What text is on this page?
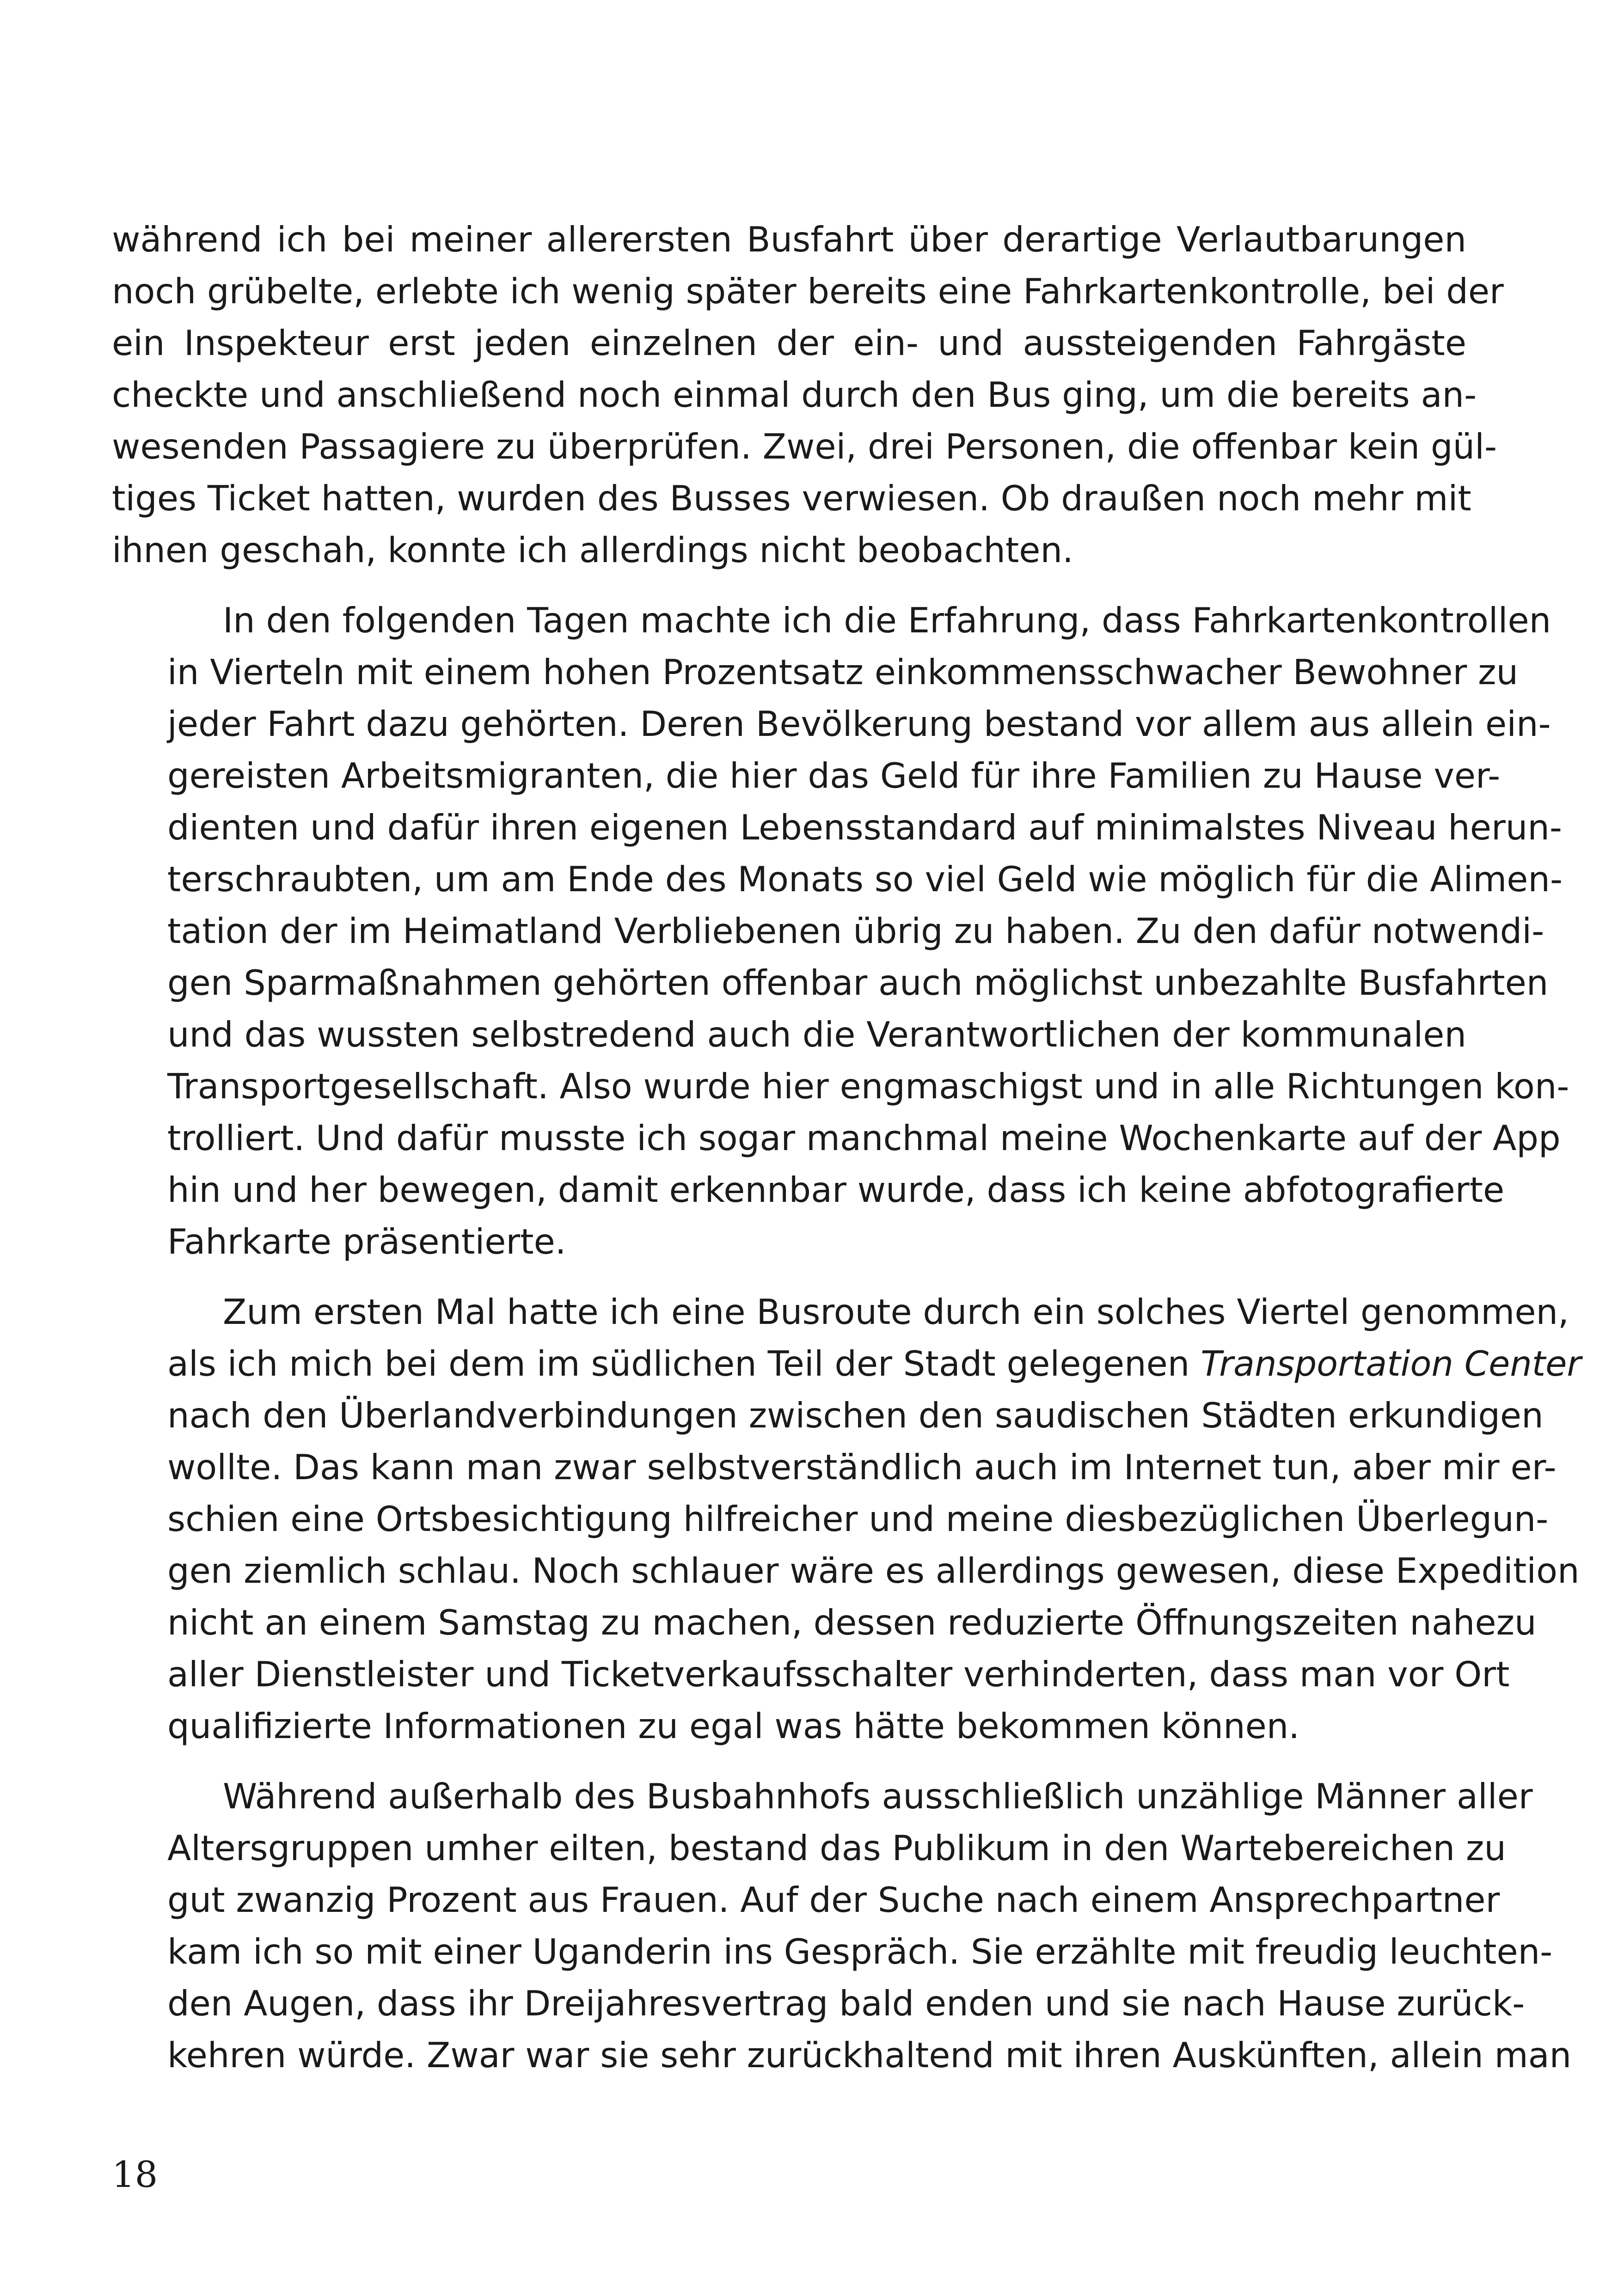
während ich bei meiner allerersten Busfahrt über derartige Verlautbarungen
noch grübelte, erlebte ich wenig später bereits eine Fahrkartenkontrolle, bei der
ein Inspekteur erst jeden einzelnen der ein- und aussteigenden Fahrgäste
checkte und anschließend noch einmal durch den Bus ging, um die bereits an-
wesenden Passagiere zu überprüfen. Zwei, drei Personen, die offenbar kein gül-
tiges Ticket hatten, wurden des Busses verwiesen. Ob draußen noch mehr mit
ihnen geschah, konnte ich allerdings nicht beobachten.

In den folgenden Tagen machte ich die Erfahrung, dass Fahrkartenkontrollen
in Vierteln mit einem hohen Prozentsatz einkommensschwacher Bewohner zu
jeder Fahrt dazu gehörten. Deren Bevölkerung bestand vor allem aus allein ein-
gereisten Arbeitsmigranten, die hier das Geld für ihre Familien zu Hause ver-
dienten und dafür ihren eigenen Lebensstandard auf minimalstes Niveau herun-
terschraubten, um am Ende des Monats so viel Geld wie möglich für die Alimen-
tation der im Heimatland Verbliebenen übrig zu haben. Zu den dafür notwendi-
gen Sparmaßnahmen gehörten offenbar auch möglichst unbezahlte Busfahrten
und das wussten selbstredend auch die Verantwortlichen der kommunalen
Transportgesellschaft. Also wurde hier engmaschigst und in alle Richtungen kon-
trolliert. Und dafür musste ich sogar manchmal meine Wochenkarte auf der App
hin und her bewegen, damit erkennbar wurde, dass ich keine abfotografierte
Fahrkarte präsentierte.

Zum ersten Mal hatte ich eine Busroute durch ein solches Viertel genommen,
als ich mich bei dem im südlichen Teil der Stadt gelegenen Transportation Center
nach den Überlandverbindungen zwischen den saudischen Städten erkundigen
wollte. Das kann man zwar selbstverständlich auch im Internet tun, aber mir er-
schien eine Ortsbesichtigung hilfreicher und meine diesbezüglichen Überlegun-
gen ziemlich schlau. Noch schlauer wäre es allerdings gewesen, diese Expedition
nicht an einem Samstag zu machen, dessen reduzierte Öffnungszeiten nahezu
aller Dienstleister und Ticketverkaufsschalter verhinderten, dass man vor Ort
qualifizierte Informationen zu egal was hätte bekommen können.

Während außerhalb des Busbahnhofs ausschließlich unzählige Männer aller
Altersgruppen umher eilten, bestand das Publikum in den Wartebereichen zu
gut zwanzig Prozent aus Frauen. Auf der Suche nach einem Ansprechpartner
kam ich so mit einer Uganderin ins Gespräch. Sie erzählte mit freudig leuchten-
den Augen, dass ihr Dreijahresvertrag bald enden und sie nach Hause zurück-
kehren würde. Zwar war sie sehr zurückhaltend mit ihren Auskünften, allein man

18
